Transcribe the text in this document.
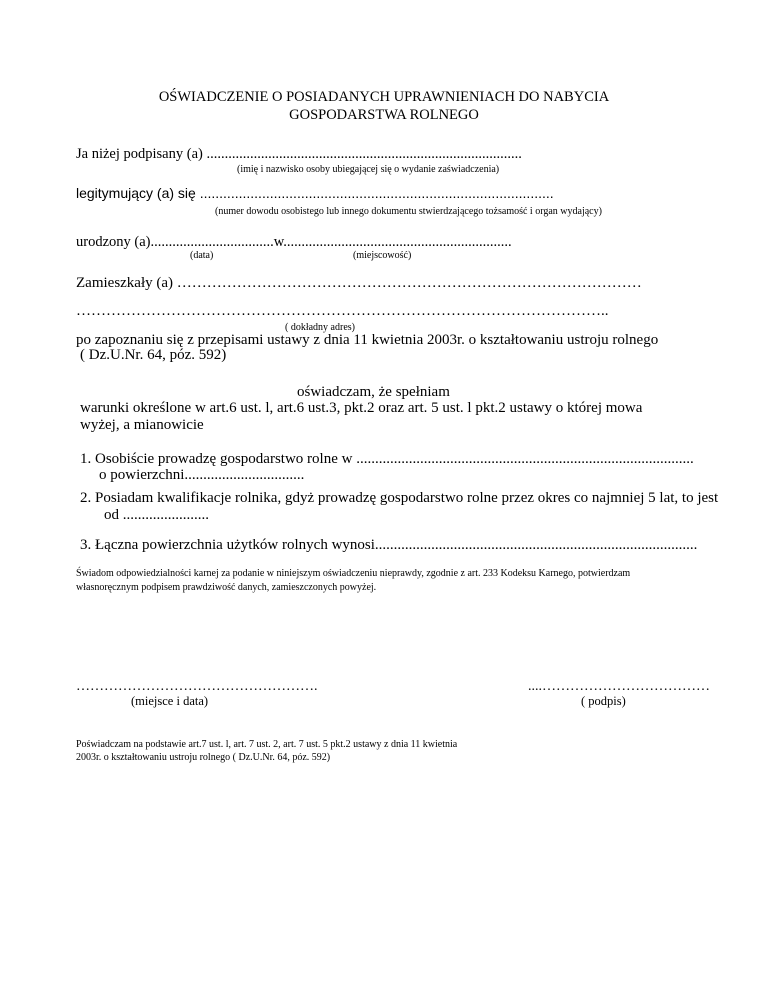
OŚWIADCZENIE O POSIADANYCH UPRAWNIENIACH DO NABYCIA
GOSPODARSTWA ROLNEGO
Ja niżej podpisany (a) .......................................................................................
(imię i nazwisko osoby ubiegającej się o wydanie zaświadczenia)
legitymujący (a) się ...........................................................................................
(numer dowodu osobistego lub innego dokumentu stwierdzającego tożsamość i organ wydający)
urodzony (a)..................................w...............................................................
(data)	(miejscowość)
Zamieszkały (a) …………………………………………………………………………………
……………………………………………………………………………………………..
( dokładny adres)
po zapoznaniu się z przepisami ustawy z dnia 11 kwietnia 2003r. o kształtowaniu ustroju rolnego
( Dz.U.Nr. 64, póz. 592)
oświadczam, że spełniam
warunki określone w art.6 ust. l, art.6 ust.3, pkt.2 oraz art. 5 ust. l pkt.2 ustawy o której mowa
wyżej, a mianowicie
1. Osobiście prowadzę gospodarstwo rolne w ..........................................................................................
o powierzchni................................
2. Posiadam kwalifikacje rolnika, gdyż prowadzę gospodarstwo rolne przez okres co najmniej 5 lat, to jest
od .......................
3. Łączna powierzchnia użytków rolnych wynosi......................................................................................
Świadom odpowiedzialności karnej za podanie w niniejszym oświadczeniu nieprawdy, zgodnie z art. 233 Kodeksu Karnego, potwierdzam
własnoręcznym podpisem prawdziwość danych, zamieszczonych powyżej.
…………………………………………….
(miejsce i data)
....………………………………
( podpis)
Poświadczam na podstawie art.7 ust. l, art. 7 ust. 2, art. 7 ust. 5 pkt.2 ustawy z dnia 11 kwietnia
2003r. o kształtowaniu ustroju rolnego ( Dz.U.Nr. 64, póz. 592)
